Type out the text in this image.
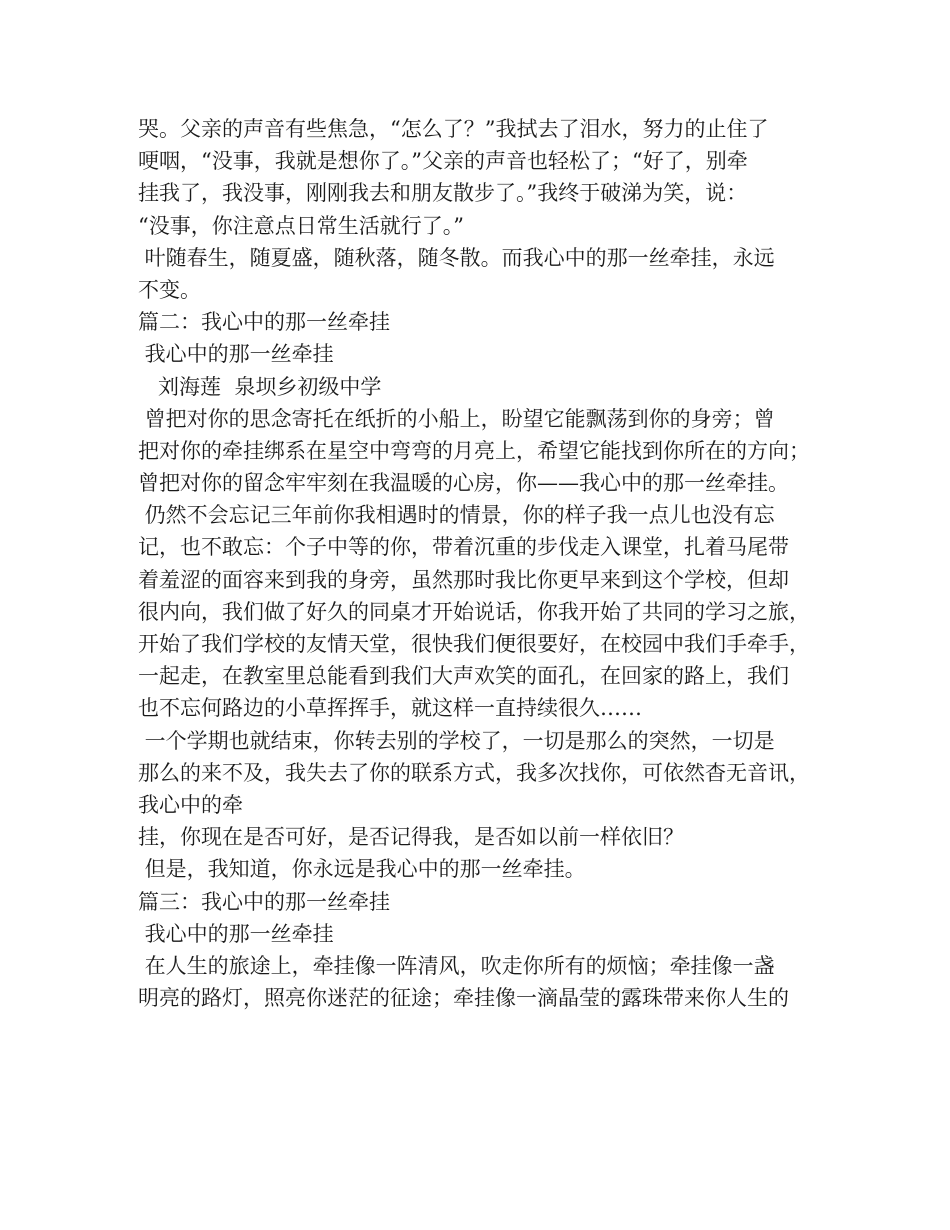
哭。父亲的声音有些焦急，“怎么了？”我拭去了泪水，努力的止住了
哽咽，“没事，我就是想你了。”父亲的声音也轻松了；“好了，别牵
挂我了，我没事，刚刚我去和朋友散步了。”我终于破涕为笑，说：
“没事，你注意点日常生活就行了。”
叶随春生，随夏盛，随秋落，随冬散。而我心中的那一丝牵挂，永远
不变。
篇二：我心中的那一丝牵挂
我心中的那一丝牵挂
刘海莲  泉坝乡初级中学
曾把对你的思念寄托在纸折的小船上，盼望它能飘荡到你的身旁；曾
把对你的牵挂绑系在星空中弯弯的月亮上，希望它能找到你所在的方向；
曾把对你的留念牢牢刻在我温暖的心房，你——我心中的那一丝牵挂。
仍然不会忘记三年前你我相遇时的情景，你的样子我一点儿也没有忘
记，也不敢忘：个子中等的你，带着沉重的步伐走入课堂，扎着马尾带
着羞涩的面容来到我的身旁，虽然那时我比你更早来到这个学校，但却
很内向，我们做了好久的同桌才开始说话，你我开始了共同的学习之旅，
开始了我们学校的友情天堂，很快我们便很要好，在校园中我们手牵手，
一起走，在教室里总能看到我们大声欢笑的面孔，在回家的路上，我们
也不忘何路边的小草挥挥手，就这样一直持续很久……
一个学期也就结束，你转去别的学校了，一切是那么的突然，一切是
那么的来不及，我失去了你的联系方式，我多次找你，可依然杳无音讯，
我心中的牵
挂，你现在是否可好，是否记得我，是否如以前一样依旧？
但是，我知道，你永远是我心中的那一丝牵挂。
篇三：我心中的那一丝牵挂
我心中的那一丝牵挂
在人生的旅途上，牵挂像一阵清风，吹走你所有的烦恼；牵挂像一盏
明亮的路灯，照亮你迷茫的征途；牵挂像一滴晶莹的露珠带来你人生的
